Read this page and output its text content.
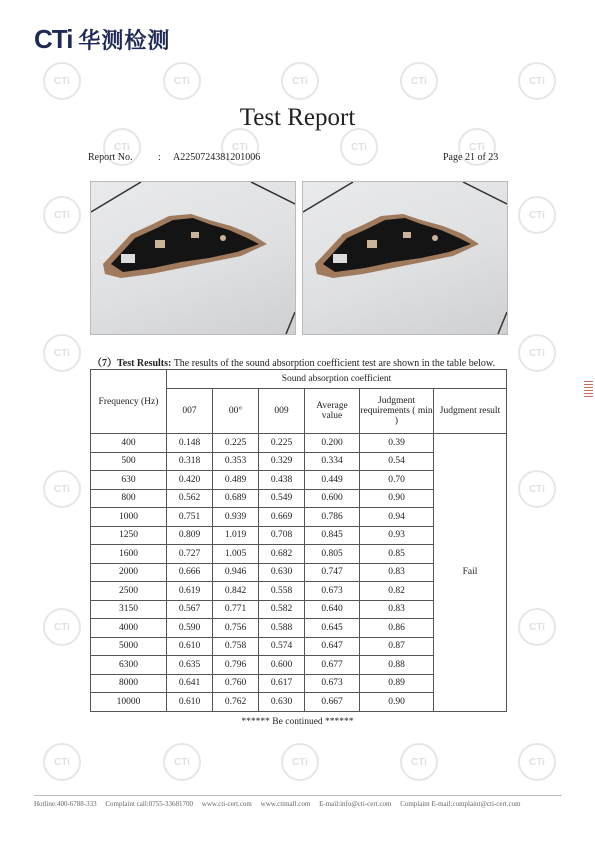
CTi	CTi	CTi	CTi	CTi
CTi	CTi	CTi	CTi
CTi	CTi
CTi	CTi
CTi	CTi
CTi	CTi
CTi	CTi	CTi	CTi	CTi
CTi 华测检测
||||||
Test Report
Report No.	: A2250724381201006	Page 21 of 23
（7）Test Results: The results of the sound absorption coefficient test are shown in the table below.
Frequency (Hz)	Sound absorption coefficient					
	007	00°	009	Average value	Judgment requirements ( min )	Judgment result
400	0.148	0.225	0.225	0.200	0.39	Fail
500	0.318	0.353	0.329	0.334	0.54	
630	0.420	0.489	0.438	0.449	0.70	
800	0.562	0.689	0.549	0.600	0.90	
1000	0.751	0.939	0.669	0.786	0.94	
1250	0.809	1.019	0.708	0.845	0.93	
1600	0.727	1.005	0.682	0.805	0.85	
2000	0.666	0.946	0.630	0.747	0.83	
2500	0.619	0.842	0.558	0.673	0.82	
3150	0.567	0.771	0.582	0.640	0.83	
4000	0.590	0.756	0.588	0.645	0.86	
5000	0.610	0.758	0.574	0.647	0.87	
6300	0.635	0.796	0.600	0.677	0.88	
8000	0.641	0.760	0.617	0.673	0.89	
10000	0.610	0.762	0.630	0.667	0.90	
****** Be continued ******
Hotline:400-6788-333 Complaint call:0755-33681700 www.cti-cert.com www.ctimall.com E-mail:info@cti-cert.com Complaint E-mail:complaint@cti-cert.com
